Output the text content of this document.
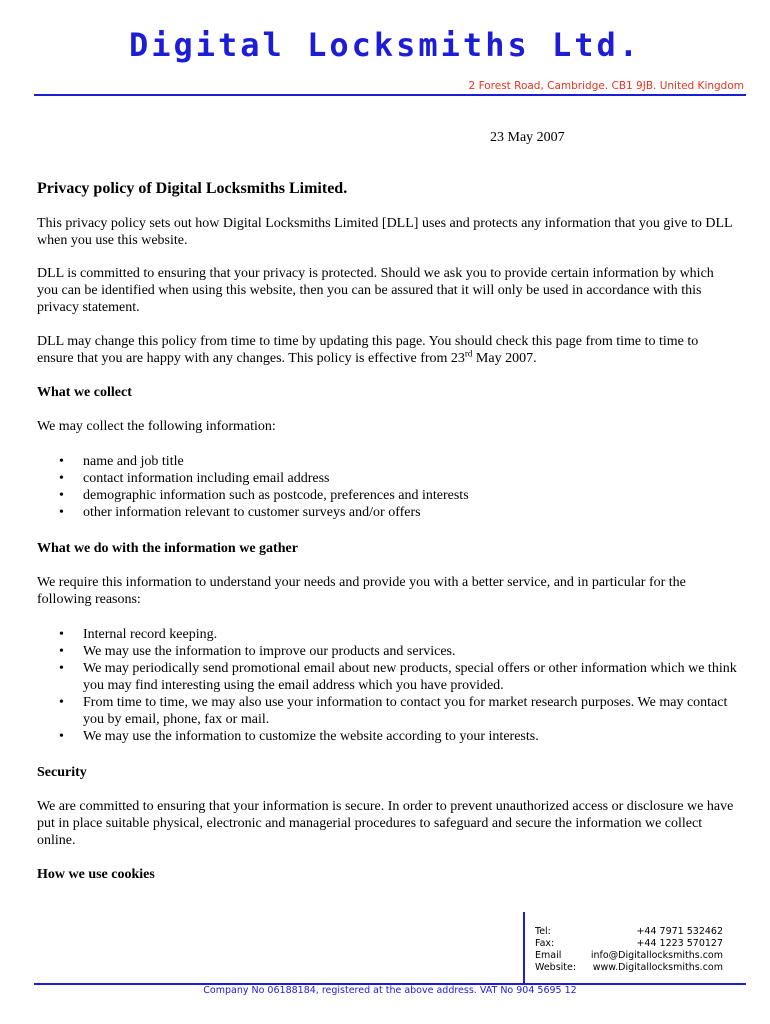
Digital Locksmiths Ltd.
2 Forest Road, Cambridge. CB1 9JB. United Kingdom
23 May 2007
Privacy policy of Digital Locksmiths Limited.

This privacy policy sets out how Digital Locksmiths Limited [DLL] uses and protects any information that you give to DLL when you use this website.

DLL is committed to ensuring that your privacy is protected. Should we ask you to provide certain information by which you can be identified when using this website, then you can be assured that it will only be used in accordance with this privacy statement.

DLL may change this policy from time to time by updating this page. You should check this page from time to time to ensure that you are happy with any changes. This policy is effective from 23rd May 2007.

What we collect

We may collect the following information:

• name and job title
• contact information including email address
• demographic information such as postcode, preferences and interests
• other information relevant to customer surveys and/or offers

What we do with the information we gather

We require this information to understand your needs and provide you with a better service, and in particular for the following reasons:

• Internal record keeping.
• We may use the information to improve our products and services.
• We may periodically send promotional email about new products, special offers or other information which we think you may find interesting using the email address which you have provided.
• From time to time, we may also use your information to contact you for market research purposes. We may contact you by email, phone, fax or mail.
• We may use the information to customize the website according to your interests.

Security

We are committed to ensuring that your information is secure. In order to prevent unauthorized access or disclosure we have put in place suitable physical, electronic and managerial procedures to safeguard and secure the information we collect online.

How we use cookies

Tel:	+44 7971 532462
Fax:	+44 1223 570127
Email	info@Digitallocksmiths.com
Website: www.Digitallocksmiths.com
Company No 06188184, registered at the above address. VAT No 904 5695 12
